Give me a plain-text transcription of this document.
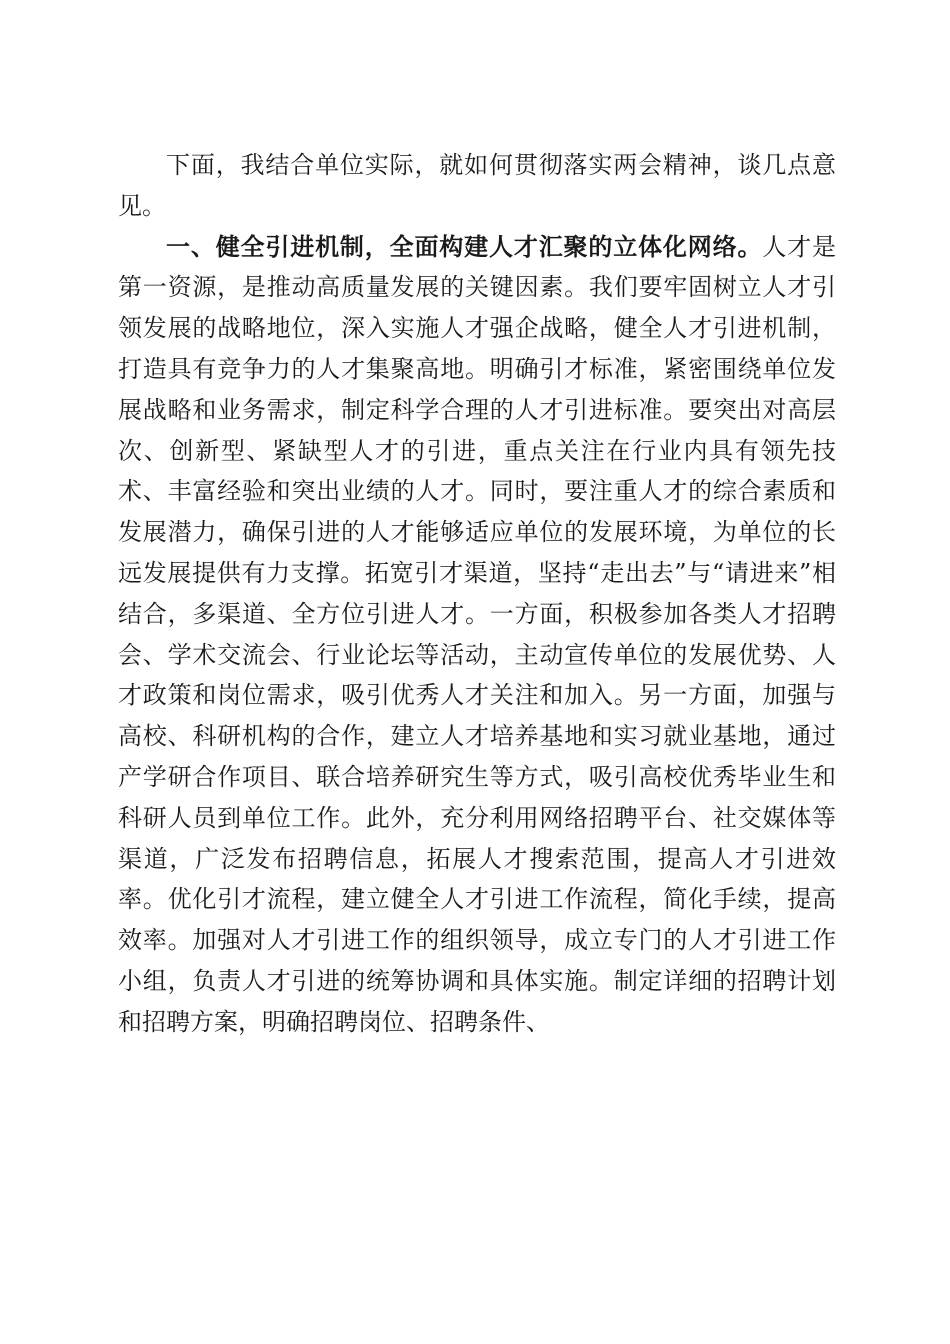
下面，我结合单位实际，就如何贯彻落实两会精神，谈几点意见。

一、健全引进机制，全面构建人才汇聚的立体化网络。人才是第一资源，是推动高质量发展的关键因素。我们要牢固树立人才引领发展的战略地位，深入实施人才强企战略，健全人才引进机制，打造具有竞争力的人才集聚高地。明确引才标准，紧密围绕单位发展战略和业务需求，制定科学合理的人才引进标准。要突出对高层次、创新型、紧缺型人才的引进，重点关注在行业内具有领先技术、丰富经验和突出业绩的人才。同时，要注重人才的综合素质和发展潜力，确保引进的人才能够适应单位的发展环境，为单位的长远发展提供有力支撑。拓宽引才渠道，坚持“走出去”与“请进来”相结合，多渠道、全方位引进人才。一方面，积极参加各类人才招聘会、学术交流会、行业论坛等活动，主动宣传单位的发展优势、人才政策和岗位需求，吸引优秀人才关注和加入。另一方面，加强与高校、科研机构的合作，建立人才培养基地和实习就业基地，通过产学研合作项目、联合培养研究生等方式，吸引高校优秀毕业生和科研人员到单位工作。此外，充分利用网络招聘平台、社交媒体等渠道，广泛发布招聘信息，拓展人才搜索范围，提高人才引进效率。优化引才流程，建立健全人才引进工作流程，简化手续，提高效率。加强对人才引进工作的组织领导，成立专门的人才引进工作小组，负责人才引进的统筹协调和具体实施。制定详细的招聘计划和招聘方案，明确招聘岗位、招聘条件、
